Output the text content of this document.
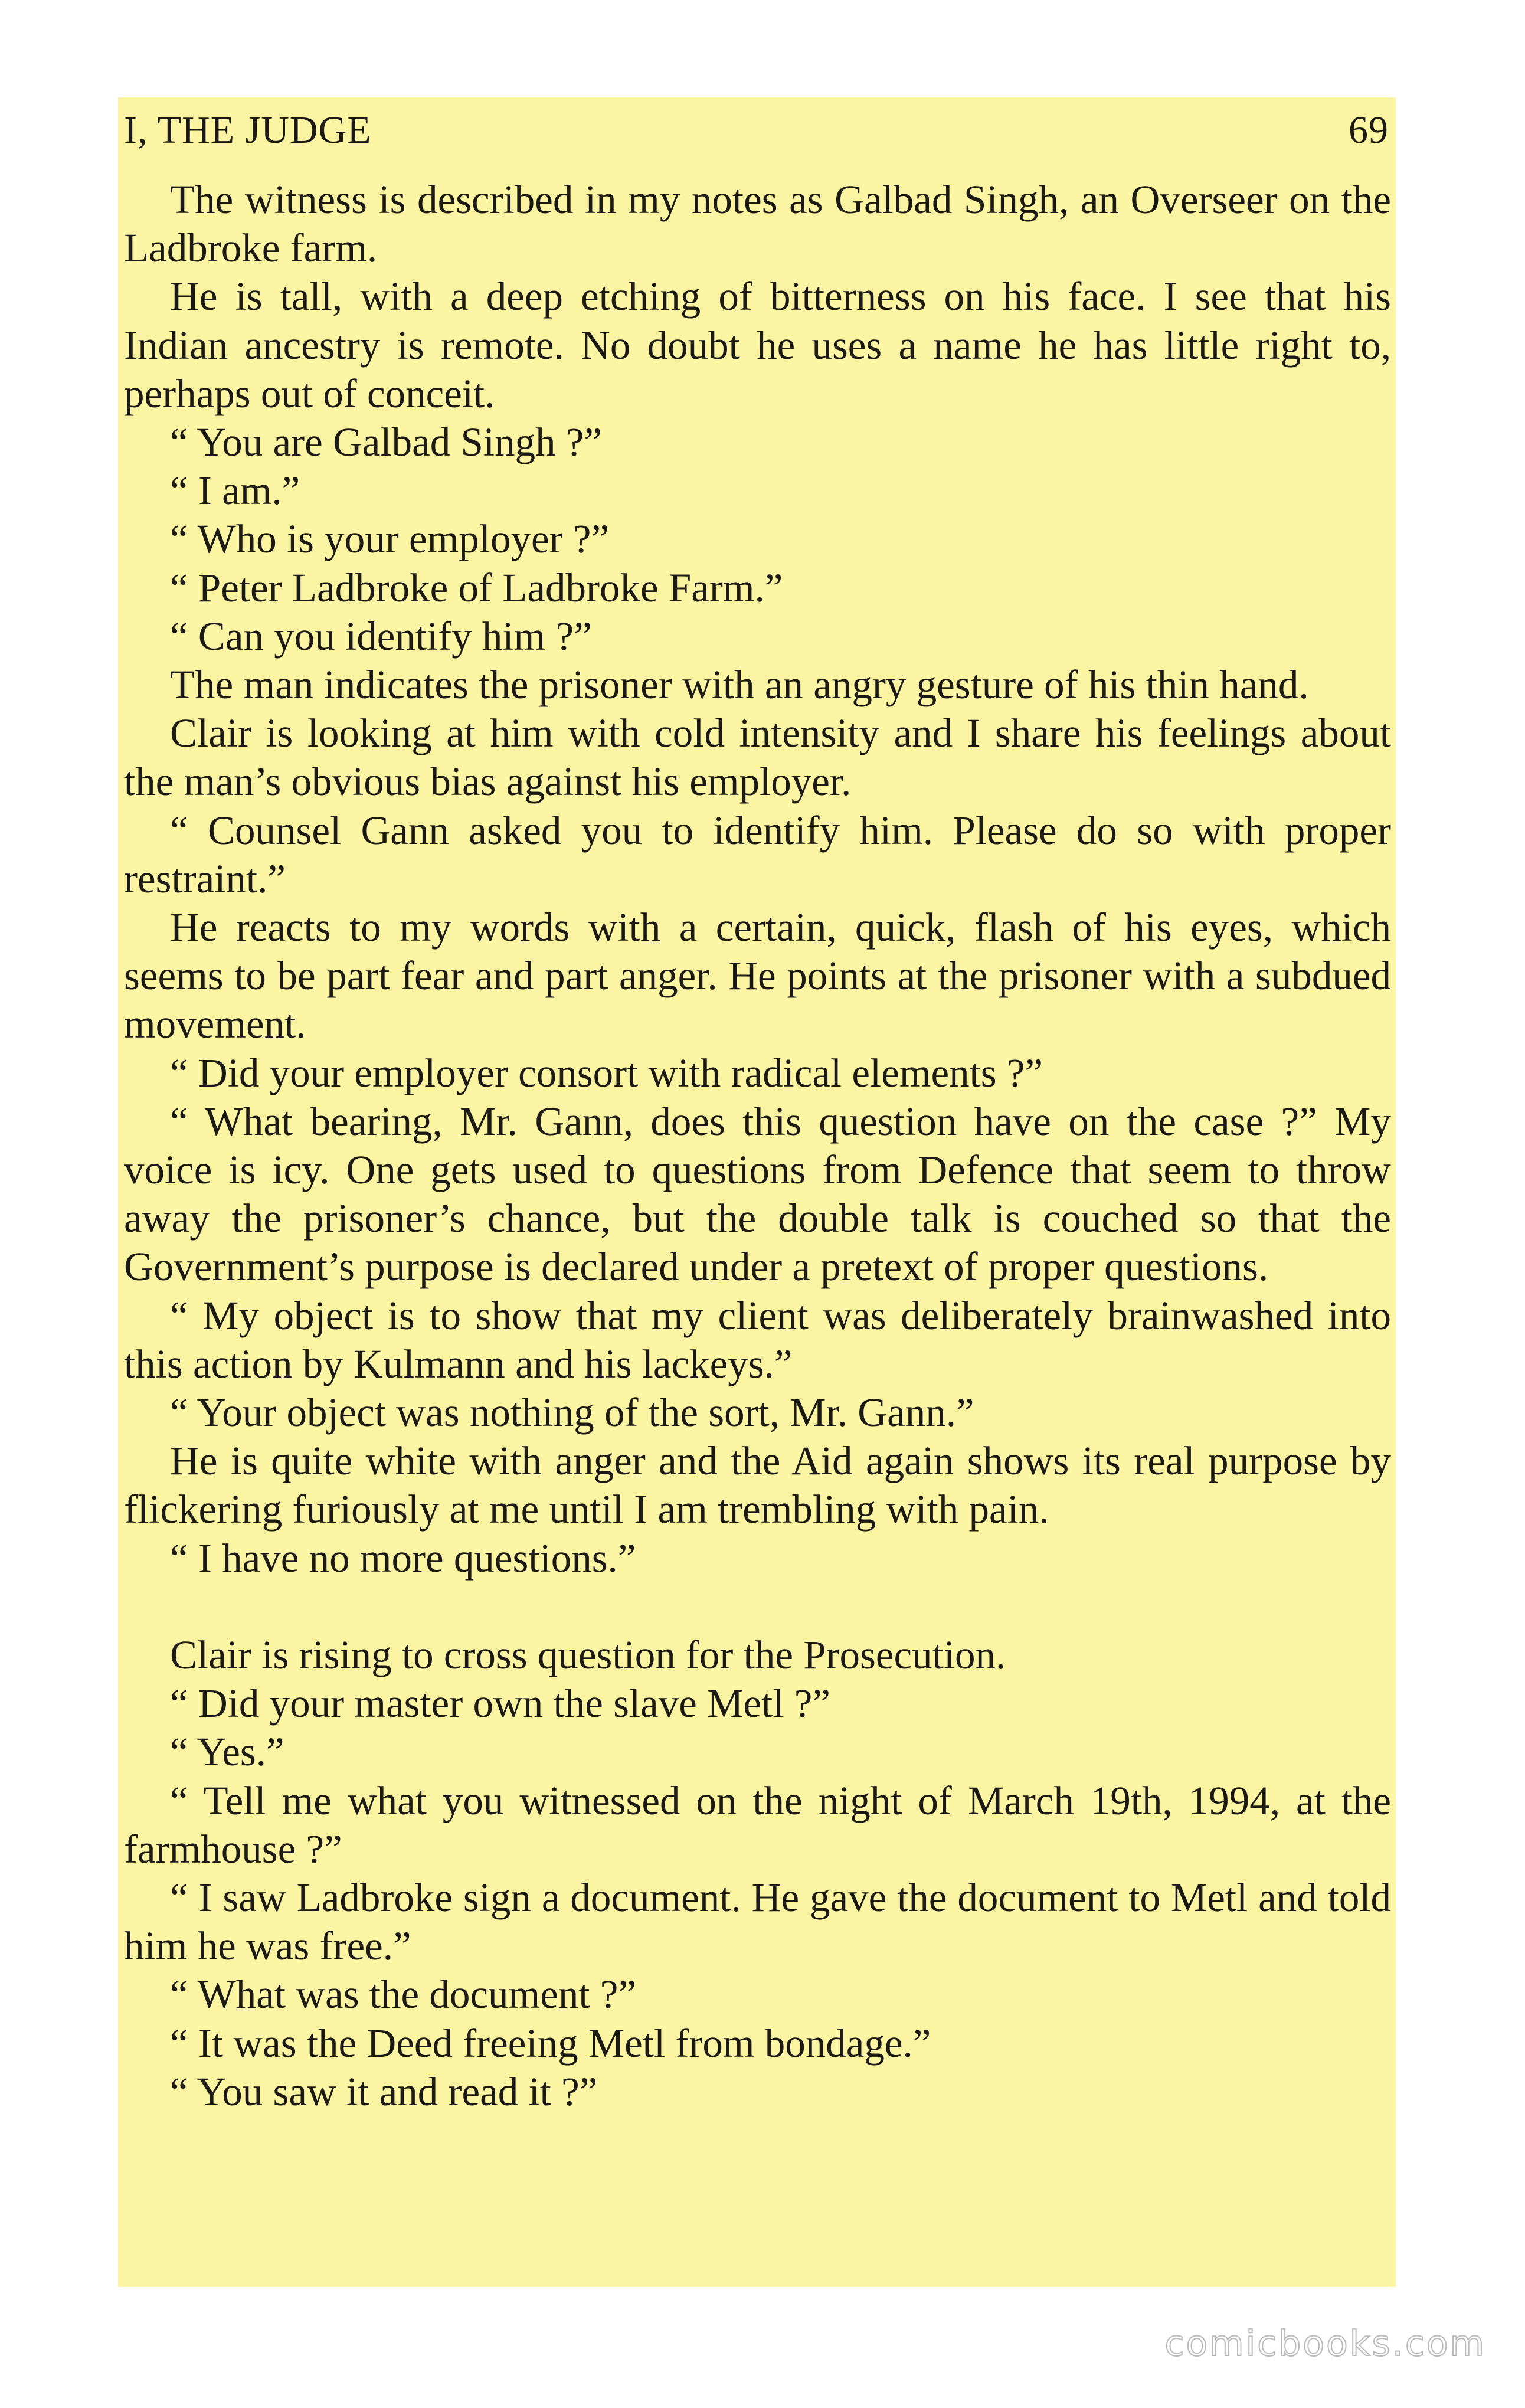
I, THE JUDGE	69

The witness is described in my notes as Galbad Singh, an Overseer on the Ladbroke farm.

He is tall, with a deep etching of bitterness on his face. I see that his Indian ancestry is remote. No doubt he uses a name he has little right to, perhaps out of conceit.

“ You are Galbad Singh ?”

“ I am.”

“ Who is your employer ?”

“ Peter Ladbroke of Ladbroke Farm.”

“ Can you identify him ?”

The man indicates the prisoner with an angry gesture of his thin hand.

Clair is looking at him with cold intensity and I share his feelings about the man’s obvious bias against his employer.

“ Counsel Gann asked you to identify him. Please do so with proper restraint.”

He reacts to my words with a certain, quick, flash of his eyes, which seems to be part fear and part anger. He points at the prisoner with a subdued movement.

“ Did your employer consort with radical elements ?”

“ What bearing, Mr. Gann, does this question have on the case ?” My voice is icy. One gets used to questions from Defence that seem to throw away the prisoner’s chance, but the double talk is couched so that the Government’s purpose is declared under a pretext of proper questions.

“ My object is to show that my client was deliberately brainwashed into this action by Kulmann and his lackeys.”

“ Your object was nothing of the sort, Mr. Gann.”

He is quite white with anger and the Aid again shows its real purpose by flickering furiously at me until I am trembling with pain.

“ I have no more questions.”

Clair is rising to cross question for the Prosecution.

“ Did your master own the slave Metl ?”

“ Yes.”

“ Tell me what you witnessed on the night of March 19th, 1994, at the farmhouse ?”

“ I saw Ladbroke sign a document. He gave the document to Metl and told him he was free.”

“ What was the document ?”

“ It was the Deed freeing Metl from bondage.”

“ You saw it and read it ?”

comicbooks.com
